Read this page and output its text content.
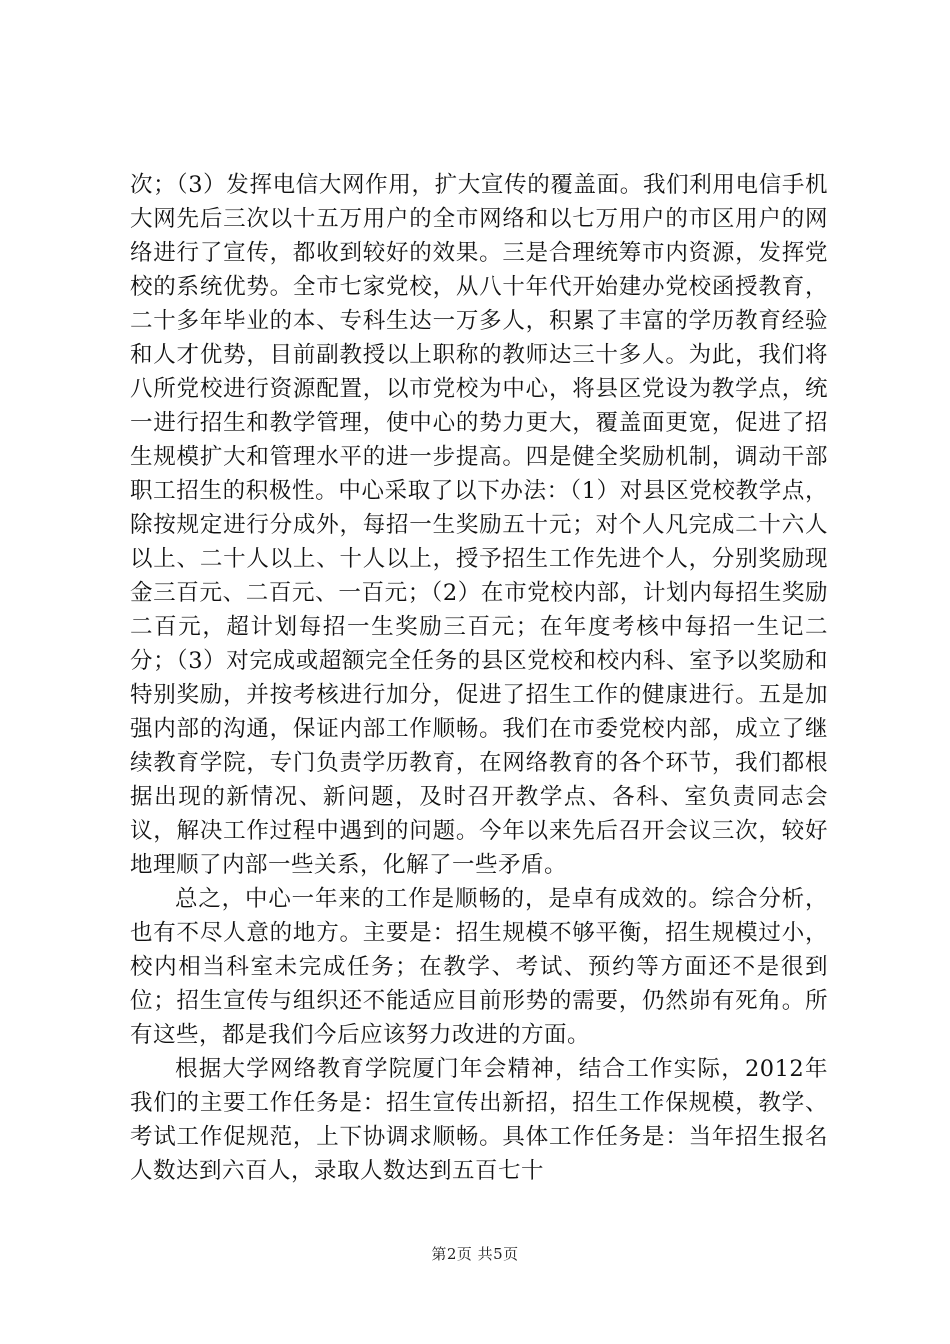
次；（3）发挥电信大网作用，扩大宣传的覆盖面。我们利用电信手机大网先后三次以十五万用户的全市网络和以七万用户的市区用户的网络进行了宣传，都收到较好的效果。三是合理统筹市内资源，发挥党校的系统优势。全市七家党校，从八十年代开始建办党校函授教育，二十多年毕业的本、专科生达一万多人，积累了丰富的学历教育经验和人才优势，目前副教授以上职称的教师达三十多人。为此，我们将八所党校进行资源配置，以市党校为中心，将县区党设为教学点，统一进行招生和教学管理，使中心的势力更大，覆盖面更宽，促进了招生规模扩大和管理水平的进一步提高。四是健全奖励机制，调动干部职工招生的积极性。中心采取了以下办法：（1）对县区党校教学点，除按规定进行分成外，每招一生奖励五十元；对个人凡完成二十六人以上、二十人以上、十人以上，授予招生工作先进个人，分别奖励现金三百元、二百元、一百元；（2）在市党校内部，计划内每招生奖励二百元，超计划每招一生奖励三百元；在年度考核中每招一生记二分；（3）对完成或超额完全任务的县区党校和校内科、室予以奖励和特别奖励，并按考核进行加分，促进了招生工作的健康进行。五是加强内部的沟通，保证内部工作顺畅。我们在市委党校内部，成立了继续教育学院，专门负责学历教育，在网络教育的各个环节，我们都根据出现的新情况、新问题，及时召开教学点、各科、室负责同志会议，解决工作过程中遇到的问题。今年以来先后召开会议三次，较好地理顺了内部一些关系，化解了一些矛盾。

总之，中心一年来的工作是顺畅的，是卓有成效的。综合分析，也有不尽人意的地方。主要是：招生规模不够平衡，招生规模过小，校内相当科室未完成任务；在教学、考试、预约等方面还不是很到位；招生宣传与组织还不能适应目前形势的需要，仍然峁有死角。所有这些，都是我们今后应该努力改进的方面。

根据大学网络教育学院厦门年会精神，结合工作实际，2012年我们的主要工作任务是：招生宣传出新招，招生工作保规模，教学、考试工作促规范，上下协调求顺畅。具体工作任务是：当年招生报名人数达到六百人，录取人数达到五百七十

第2页 共5页
